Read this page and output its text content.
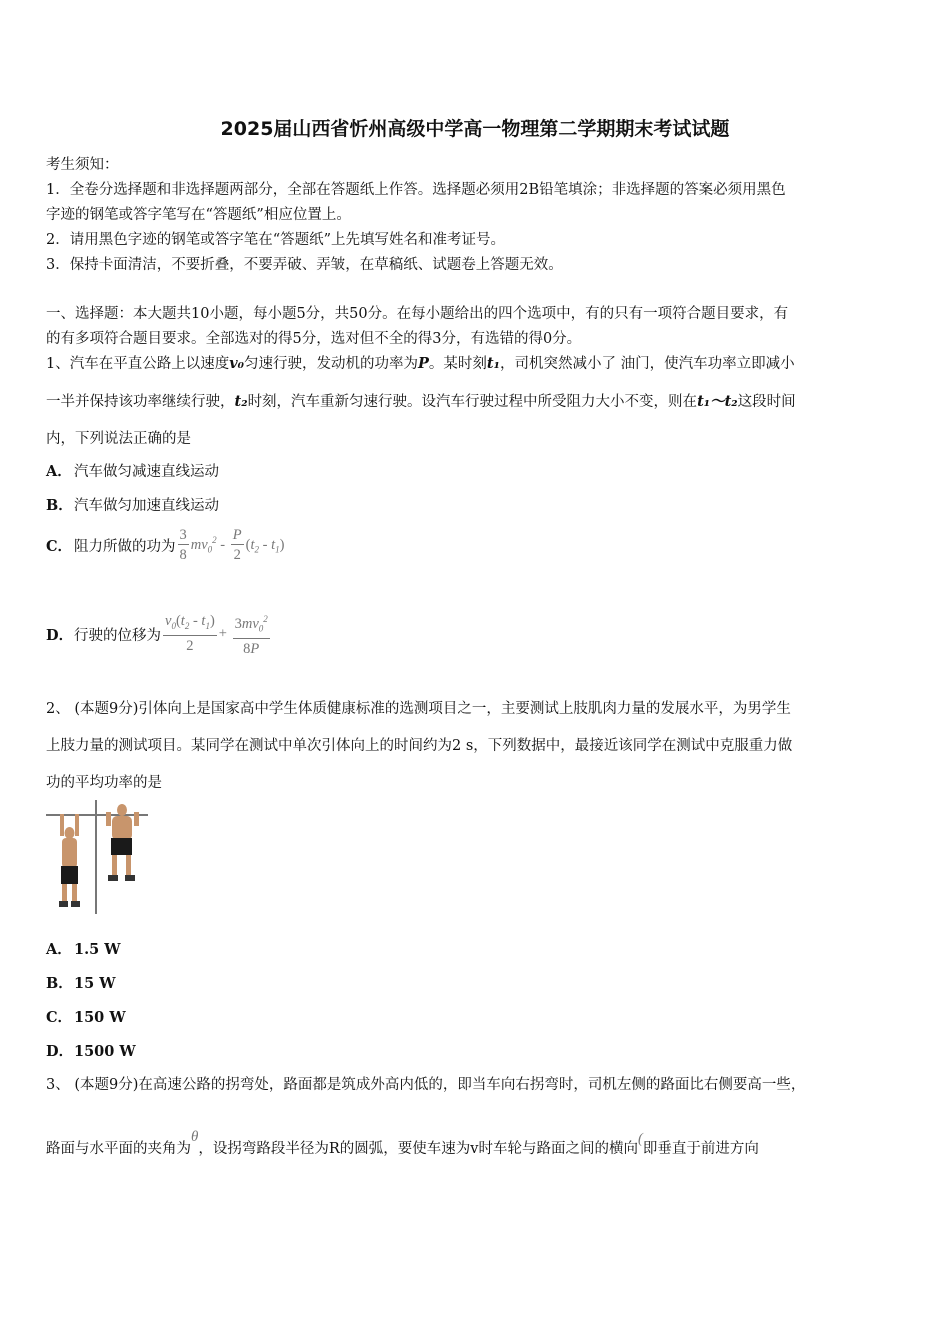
2025届山西省忻州高级中学高一物理第二学期期末考试试题
考生须知：
1．全卷分选择题和非选择题两部分，全部在答题纸上作答。选择题必须用2B铅笔填涂；非选择题的答案必须用黑色
字迹的钢笔或答字笔写在“答题纸”相应位置上。
2．请用黑色字迹的钢笔或答字笔在“答题纸”上先填写姓名和准考证号。
3．保持卡面清洁，不要折叠，不要弄破、弄皱，在草稿纸、试题卷上答题无效。
一、选择题：本大题共10小题，每小题5分，共50分。在每小题给出的四个选项中，有的只有一项符合题目要求，有
的有多项符合题目要求。全部选对的得5分，选对但不全的得3分，有选错的得0分。
1、汽车在平直公路上以速度v₀匀速行驶，发动机的功率为P。某时刻t₁，司机突然减小了 油门，使汽车功率立即减小
一半并保持该功率继续行驶，t₂时刻，汽车重新匀速行驶。设汽车行驶过程中所受阻力大小不变，则在t₁～t₂这段时间
内，下列说法正确的是
A． 汽车做匀减速直线运动
B．汽车做匀加速直线运动
C． 阻力所做的功为 $\frac{3}{8} mv_0^2 - \frac{P}{2} (t_2 - t_1)$
D． 行驶的位移为 $\frac{v_0(t_2 - t_1)}{2} + \frac{3mv_0^2}{8P}$
2、 (本题9分)引体向上是国家高中学生体质健康标准的选测项目之一，主要测试上肢肌肉力量的发展水平，为男学生
上肢力量的测试项目。某同学在测试中单次引体向上的时间约为2 s，下列数据中，最接近该同学在测试中克服重力做
功的平均功率的是
A． 1.5 W
B．15 W
C． 150 W
D．1500 W
3、 (本题9分)在高速公路的拐弯处，路面都是筑成外高内低的，即当车向右拐弯时，司机左侧的路面比右侧要高一些，
路面与水平面的夹角为θ，设拐弯路段半径为R的圆弧，要使车速为v时车轮与路面之间的横向(即垂直于前进方向
